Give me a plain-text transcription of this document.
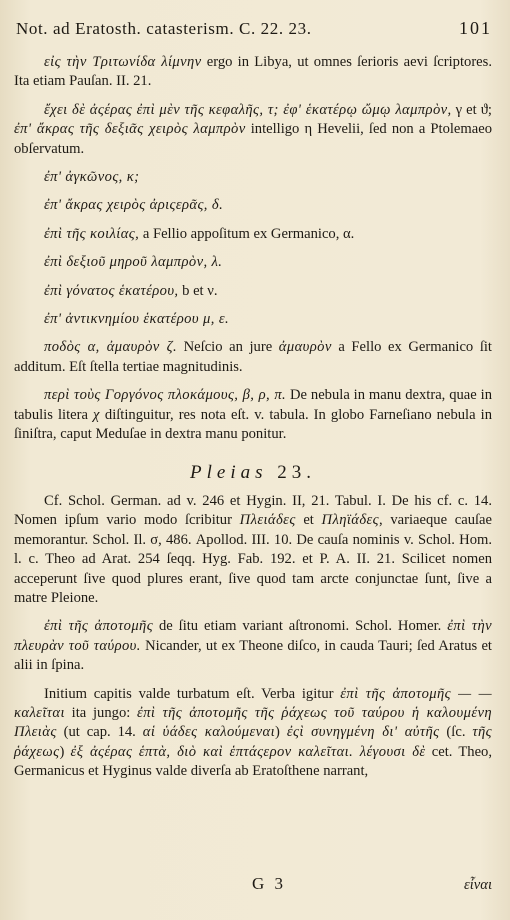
Not. ad Eratosth. catasterism. C. 22. 23.	101

εἰς τὴν Τριτωνίδα λίμνην ergo in Libya, ut omnes ſerioris aevi ſcriptores. Ita etiam Pauſan. II. 21.

ἔχει δὲ ἀςέρας ἐπὶ μὲν τῆς κεφαλῆς, τ; ἐφ' ἑκατέρῳ ὤμῳ λαμπρὸν, γ et ϑ; ἐπ' ἄκρας τῆς δεξιᾶς χειρὸς λαμπρὸν intelligo η Hevelii, ſed non a Ptolemaeo obſervatum.

ἐπ' ἀγκῶνος, κ;

ἐπ' ἄκρας χειρὸς ἀριςερᾶς, δ.

ἐπὶ τῆς κοιλίας, a Fellio appoſitum ex Germanico, α.

ἐπὶ δεξιοῦ μηροῦ λαμπρὸν, λ.

ἐπὶ γόνατος ἑκατέρου, b et ν.

ἐπ' ἀντικνημίου ἑκατέρου μ, ε.

ποδὸς α, ἀμαυρὸν ζ. Neſcio an jure ἀμαυρὸν a Fello ex Germanico ſit additum. Eſt ſtella tertiae magnitudinis.

περὶ τοὺς Γοργόνος πλοκάμους, β, ρ, π. De nebula in manu dextra, quae in tabulis litera χ diſtinguitur, res nota eſt. v. tabula. In globo Farneſiano nebula in ſiniſtra, caput Meduſae in dextra manu ponitur.

Pleias 23.

Cf. Schol. German. ad v. 246 et Hygin. II, 21. Tabul. I. De his cf. c. 14. Nomen ipſum vario modo ſcribitur Πλειάδες et Πληϊάδες, variaeque cauſae memorantur. Schol. Il. σ, 486. Apollod. III. 10. De cauſa nominis v. Schol. Hom. l. c. Theo ad Arat. 254 ſeqq. Hyg. Fab. 192. et P. A. II. 21. Scilicet nomen acceperunt ſive quod plures erant, ſive quod tam arcte conjunctae ſunt, ſive a matre Pleione.

ἐπὶ τῆς ἀποτομῆς de ſitu etiam variant aſtronomi. Schol. Homer. ἐπὶ τὴν πλευρὰν τοῦ ταύρου. Nicander, ut ex Theone diſco, in cauda Tauri; ſed Aratus et alii in ſpina.

Initium capitis valde turbatum eſt. Verba igitur ἐπὶ τῆς ἀποτομῆς — — καλεῖται ita jungo: ἐπὶ τῆς ἀποτομῆς τῆς ῥάχεως τοῦ ταύρου ἡ καλουμένη Πλειὰς (ut cap. 14. αἱ ὑάδες καλούμεναι) ἐςὶ συνηγμένη δι' αὐτῆς (ſc. τῆς ῥάχεως) ἐξ ἀςέρας ἑπτὰ, διὸ καὶ ἑπτάςερον καλεῖται. λέγουσι δὲ cet. Theo, Germanicus et Hyginus valde diverſa ab Eratoſthene narrant,

G 3	εἶναι
